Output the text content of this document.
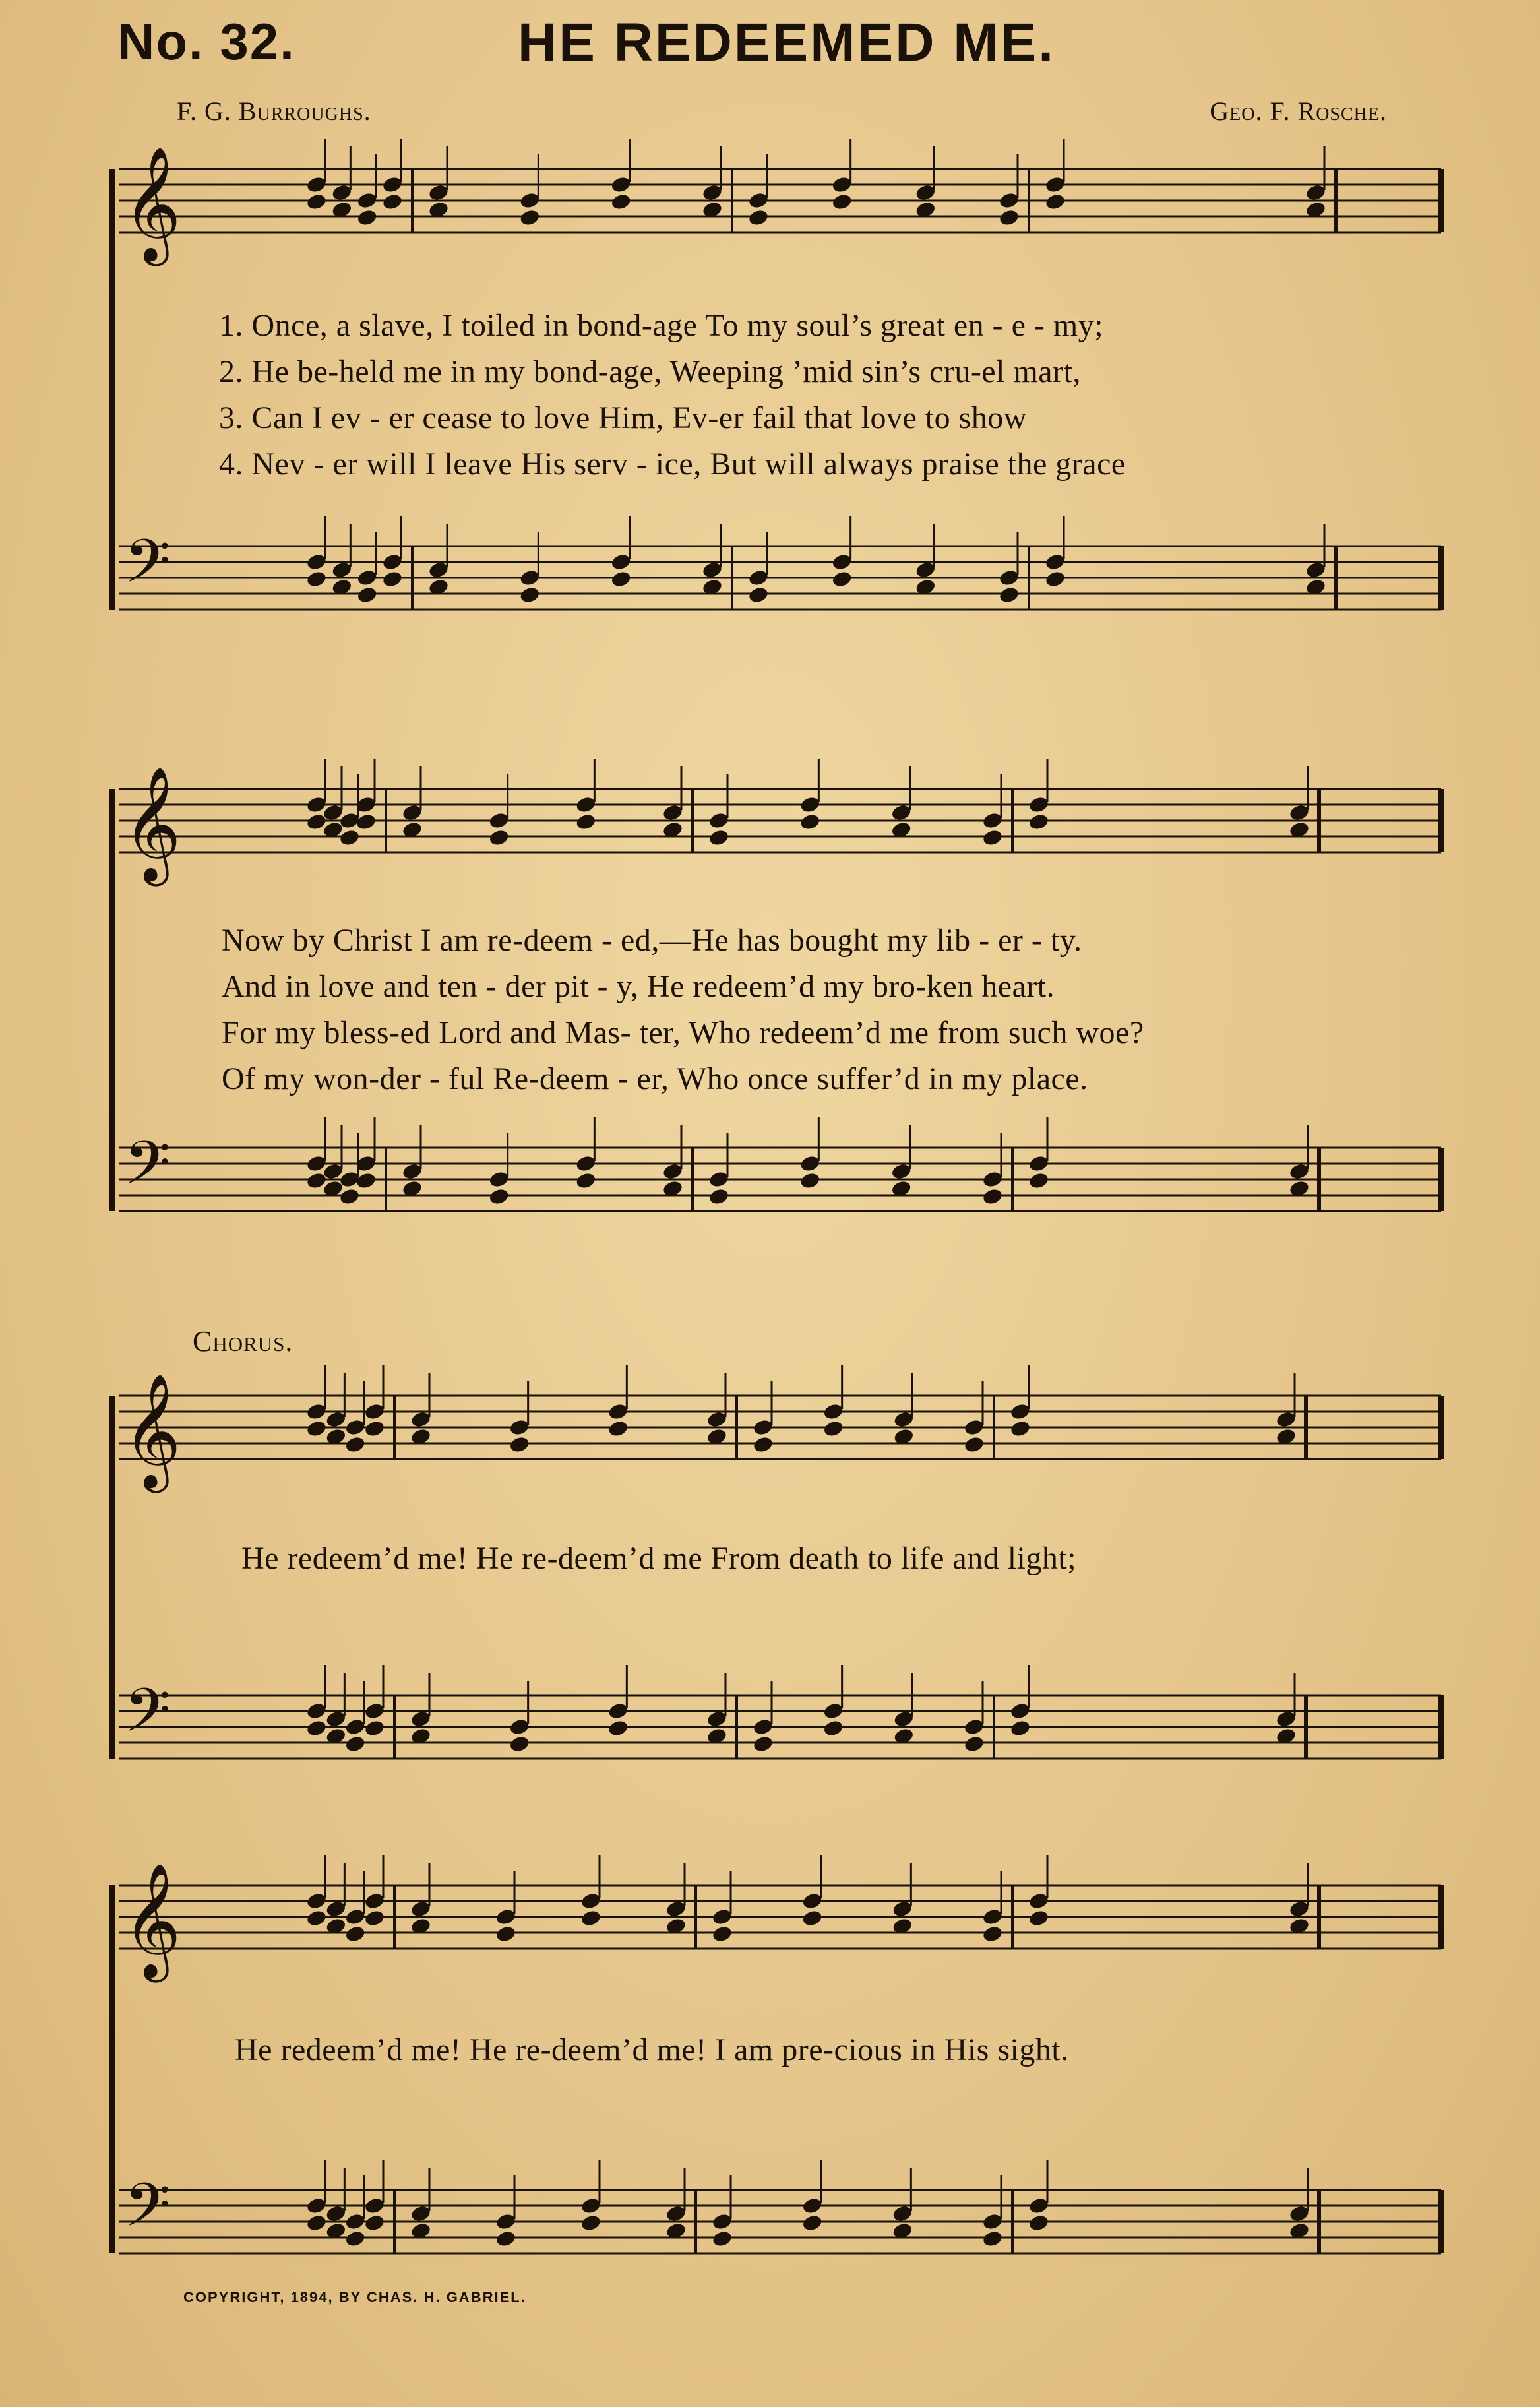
No. 32.	HE REDEEMED ME.
F. G. Burroughs.	Geo. F. Rosche.
𝄞
𝄢
𝄞
𝄢
𝄞
𝄢
𝄞
𝄢
1. Once, a slave, I toiled in bond-age To my soul’s great en - e - my;
2. He be-held me in my bond-age, Weeping ’mid sin’s cru-el mart,
3. Can I ev - er cease to love Him, Ev-er fail that love to show
4. Nev - er will I leave His serv - ice, But will always praise the grace
Now by Christ I am re-deem - ed,—He has bought my lib - er - ty.
And in love and ten - der pit - y, He redeem’d my bro-ken heart.
For my bless-ed Lord and Mas- ter, Who redeem’d me from such woe?
Of my won-der - ful Re-deem - er, Who once suffer’d in my place.
Chorus.
He redeem’d me! He re-deem’d me From death to life and light;
He redeem’d me! He re-deem’d me! I am pre-cious in His sight.
COPYRIGHT, 1894, BY CHAS. H. GABRIEL.
